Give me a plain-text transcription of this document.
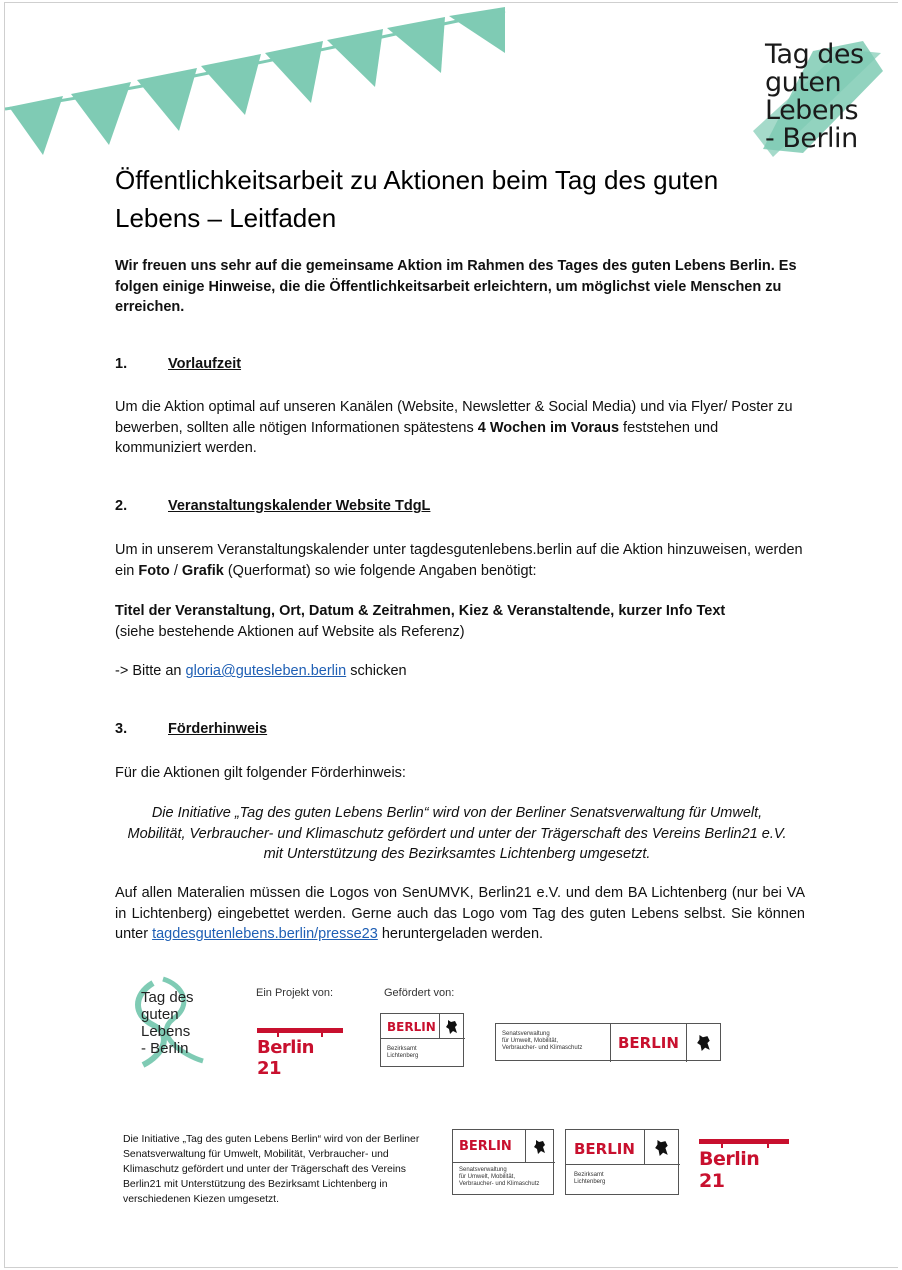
Tag des
guten
Lebens
- Berlin
Öffentlichkeitsarbeit zu Aktionen beim Tag des guten Lebens – Leitfaden
Wir freuen uns sehr auf die gemeinsame Aktion im Rahmen des Tages des guten Lebens Berlin. Es folgen einige Hinweise, die die Öffentlichkeitsarbeit erleichtern, um möglichst viele Menschen zu erreichen.
1.	Vorlaufzeit
Um die Aktion optimal auf unseren Kanälen (Website, Newsletter & Social Media) und via Flyer/ Poster zu bewerben, sollten alle nötigen Informationen spätestens 4 Wochen im Voraus feststehen und kommuniziert werden.
2.	Veranstaltungskalender Website TdgL
Um in unserem Veranstaltungskalender unter tagdesgutenlebens.berlin auf die Aktion hinzuweisen, werden ein Foto / Grafik (Querformat) so wie folgende Angaben benötigt:
Titel der Veranstaltung, Ort, Datum & Zeitrahmen, Kiez & Veranstaltende, kurzer Info Text
(siehe bestehende Aktionen auf Website als Referenz)
-> Bitte an gloria@gutesleben.berlin schicken
3.	Förderhinweis
Für die Aktionen gilt folgender Förderhinweis:
Die Initiative „Tag des guten Lebens Berlin“ wird von der Berliner Senatsverwaltung für Umwelt, Mobilität, Verbraucher- und Klimaschutz gefördert und unter der Trägerschaft des Vereins Berlin21 e.V. mit Unterstützung des Bezirksamtes Lichtenberg umgesetzt.
Auf allen Materalien müssen die Logos von SenUMVK, Berlin21 e.V. und dem BA Lichtenberg (nur bei VA in Lichtenberg) eingebettet werden. Gerne auch das Logo vom Tag des guten Lebens selbst. Sie können unter tagdesgutenlebens.berlin/presse23 heruntergeladen werden.
Tag des
guten
Lebens
- Berlin
Ein Projekt von:	Gefördert von:
Berlin 21
BERLIN
Bezirksamt
Lichtenberg
Senatsverwaltung
für Umwelt, Mobilität,
Verbraucher- und Klimaschutz BERLIN
Die Initiative „Tag des guten Lebens Berlin“ wird von der Berliner Senatsverwaltung für Umwelt, Mobilität, Verbraucher- und Klimaschutz gefördert und unter der Trägerschaft des Vereins Berlin21 mit Unterstützung des Bezirksamt Lichtenberg in verschiedenen Kiezen umgesetzt.
BERLIN
Senatsverwaltung
für Umwelt, Mobilität,
Verbraucher- und Klimaschutz
BERLIN
Bezirksamt
Lichtenberg
Berlin 21
